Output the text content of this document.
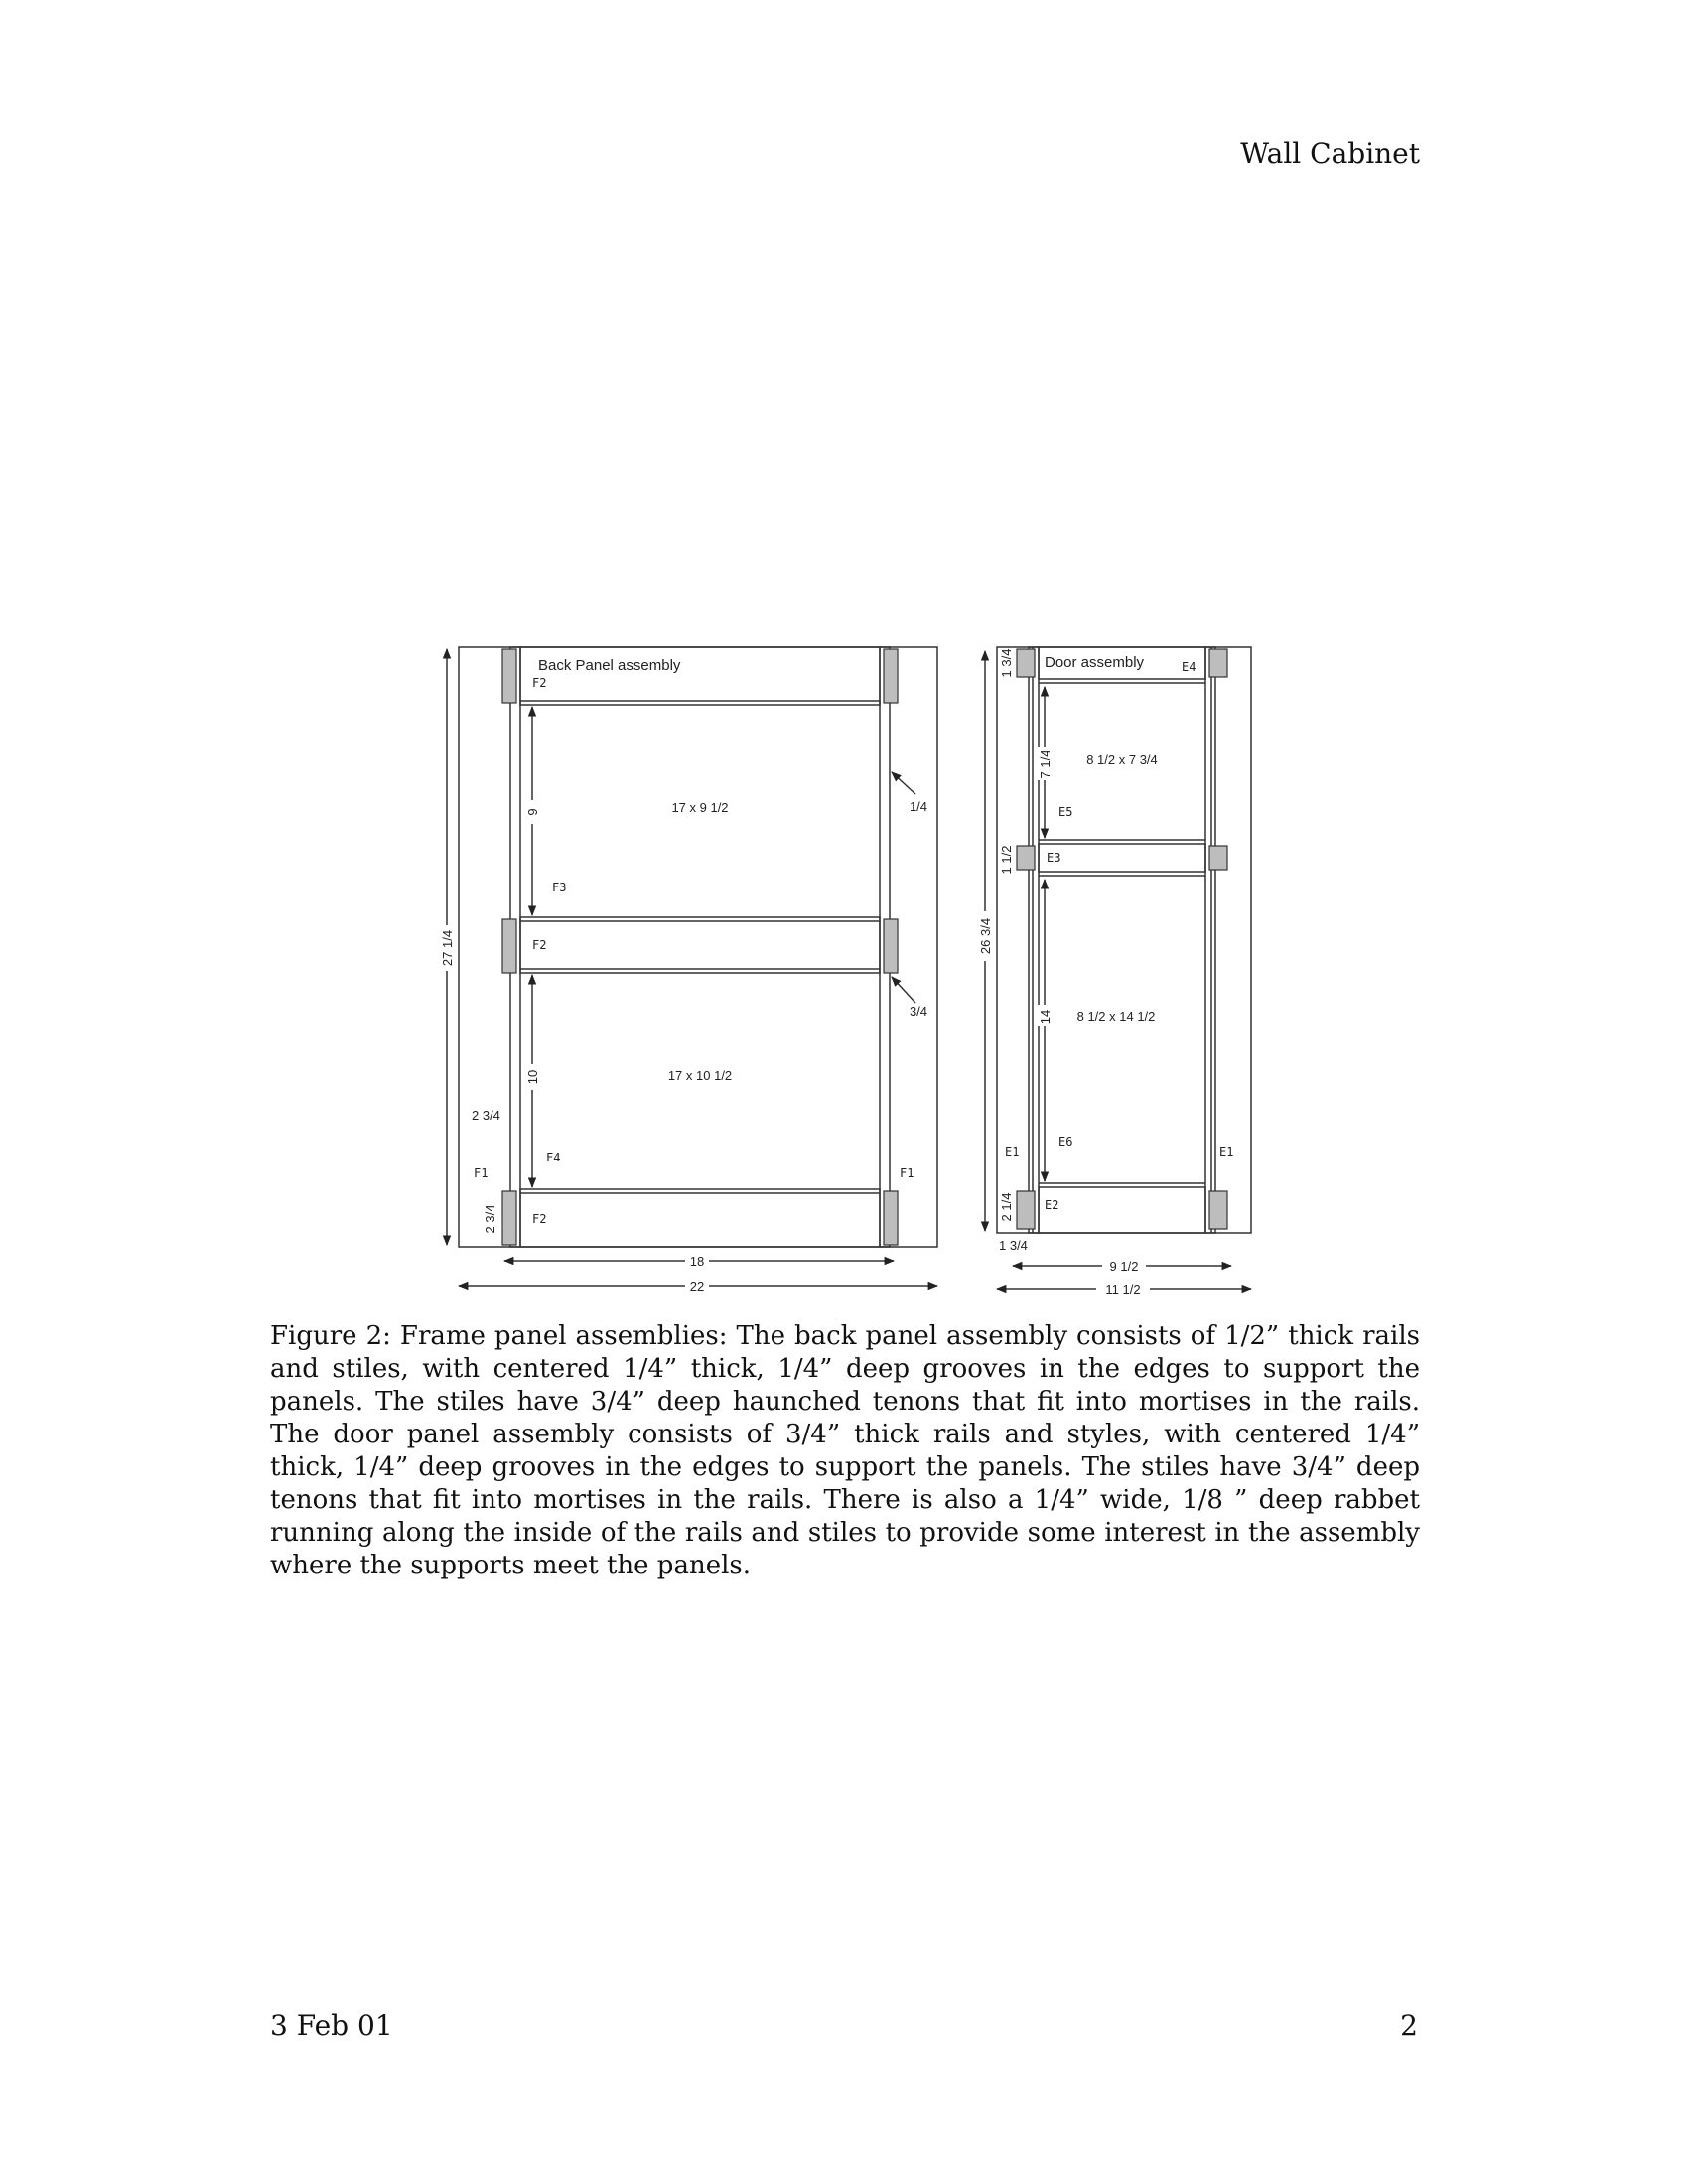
Wall Cabinet
Back Panel assembly
17 x 9 1/2
17 x 10 1/2
27 1/4
9
10
1/4
3/4
2 3/4
2 3/4
18
22
F2
F3
F2
F4
F1	F1
F2
Door assembly
8 1/2 x 7 3/4
8 1/2 x 14 1/2
1 3/4
1 1/2
26 3/4
7 1/4
14
2 1/4
1 3/4
9 1/2
11 1/2
E4
E5
E3
E6
E1	E1
E2
Figure 2: Frame panel assemblies: The back panel assembly consists of 1/2” thick rails and stiles, with centered 1/4” thick, 1/4” deep grooves in the edges to support the panels. The stiles have 3/4” deep haunched tenons that fit into mortises in the rails. The door panel assembly consists of 3/4” thick rails and styles, with centered 1/4” thick, 1/4” deep grooves in the edges to support the panels. The stiles have 3/4” deep tenons that fit into mortises in the rails. There is also a 1/4” wide, 1/8 ” deep rabbet running along the inside of the rails and stiles to provide some interest in the assembly where the supports meet the panels.
3 Feb 01	2
